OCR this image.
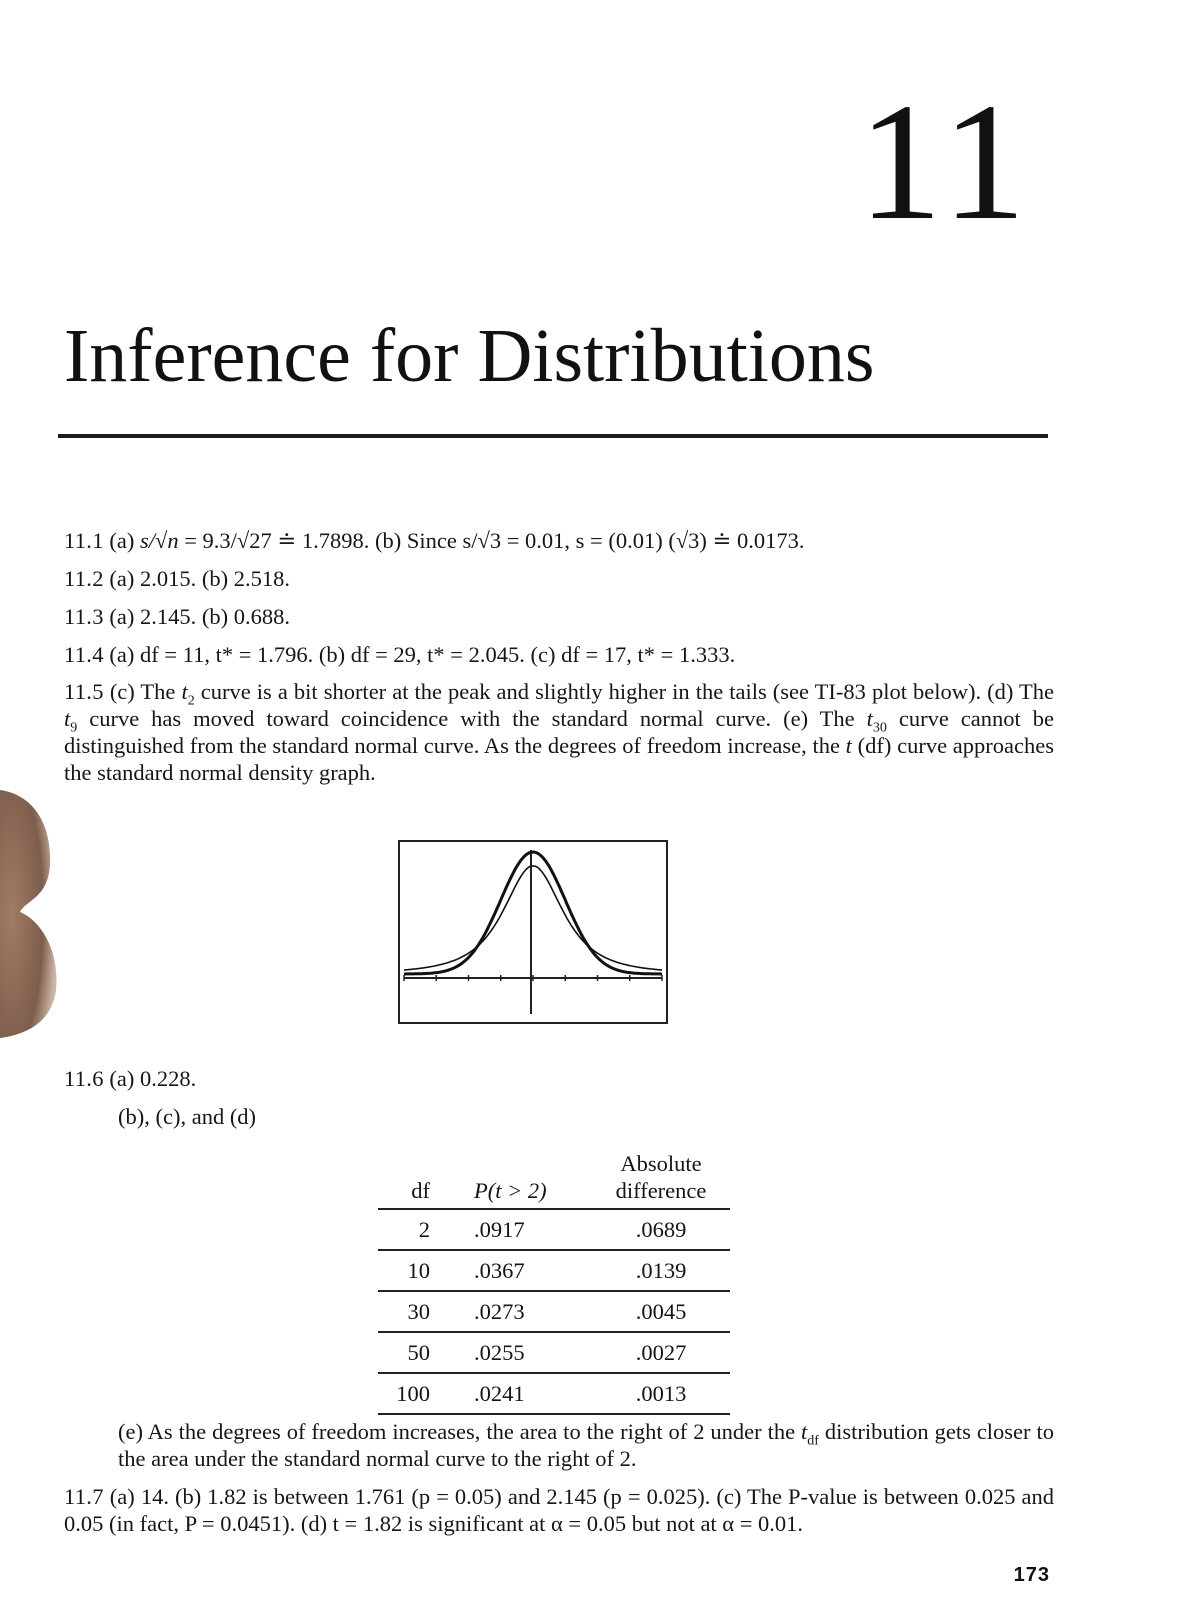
11
Inference for Distributions
11.1 (a) s/√n = 9.3/√27 ≐ 1.7898. (b) Since s/√3 = 0.01, s = (0.01) (√3) ≐ 0.0173.
11.2 (a) 2.015. (b) 2.518.
11.3 (a) 2.145. (b) 0.688.
11.4 (a) df = 11, t* = 1.796. (b) df = 29, t* = 2.045. (c) df = 17, t* = 1.333.
11.5 (c) The $t_2$ curve is a bit shorter at the peak and slightly higher in the tails (see TI-83 plot below). (d) The $t_9$ curve has moved toward coincidence with the standard normal curve. (e) The $t_{30}$ curve cannot be distinguished from the standard normal curve. As the degrees of freedom increase, the t (df) curve approaches the standard normal density graph.
11.6 (a) 0.228.
(b), (c), and (d)
df	P(t > 2)	Absolute
difference
2	.0917	.0689
10	.0367	.0139
30	.0273	.0045
50	.0255	.0027
100	.0241	.0013
(e) As the degrees of freedom increases, the area to the right of 2 under the $t_{df}$ distribution gets closer to the area under the standard normal curve to the right of 2.
11.7 (a) 14. (b) 1.82 is between 1.761 (p = 0.05) and 2.145 (p = 0.025). (c) The P-value is between 0.025 and 0.05 (in fact, P = 0.0451). (d) t = 1.82 is significant at α = 0.05 but not at α = 0.01.
173
